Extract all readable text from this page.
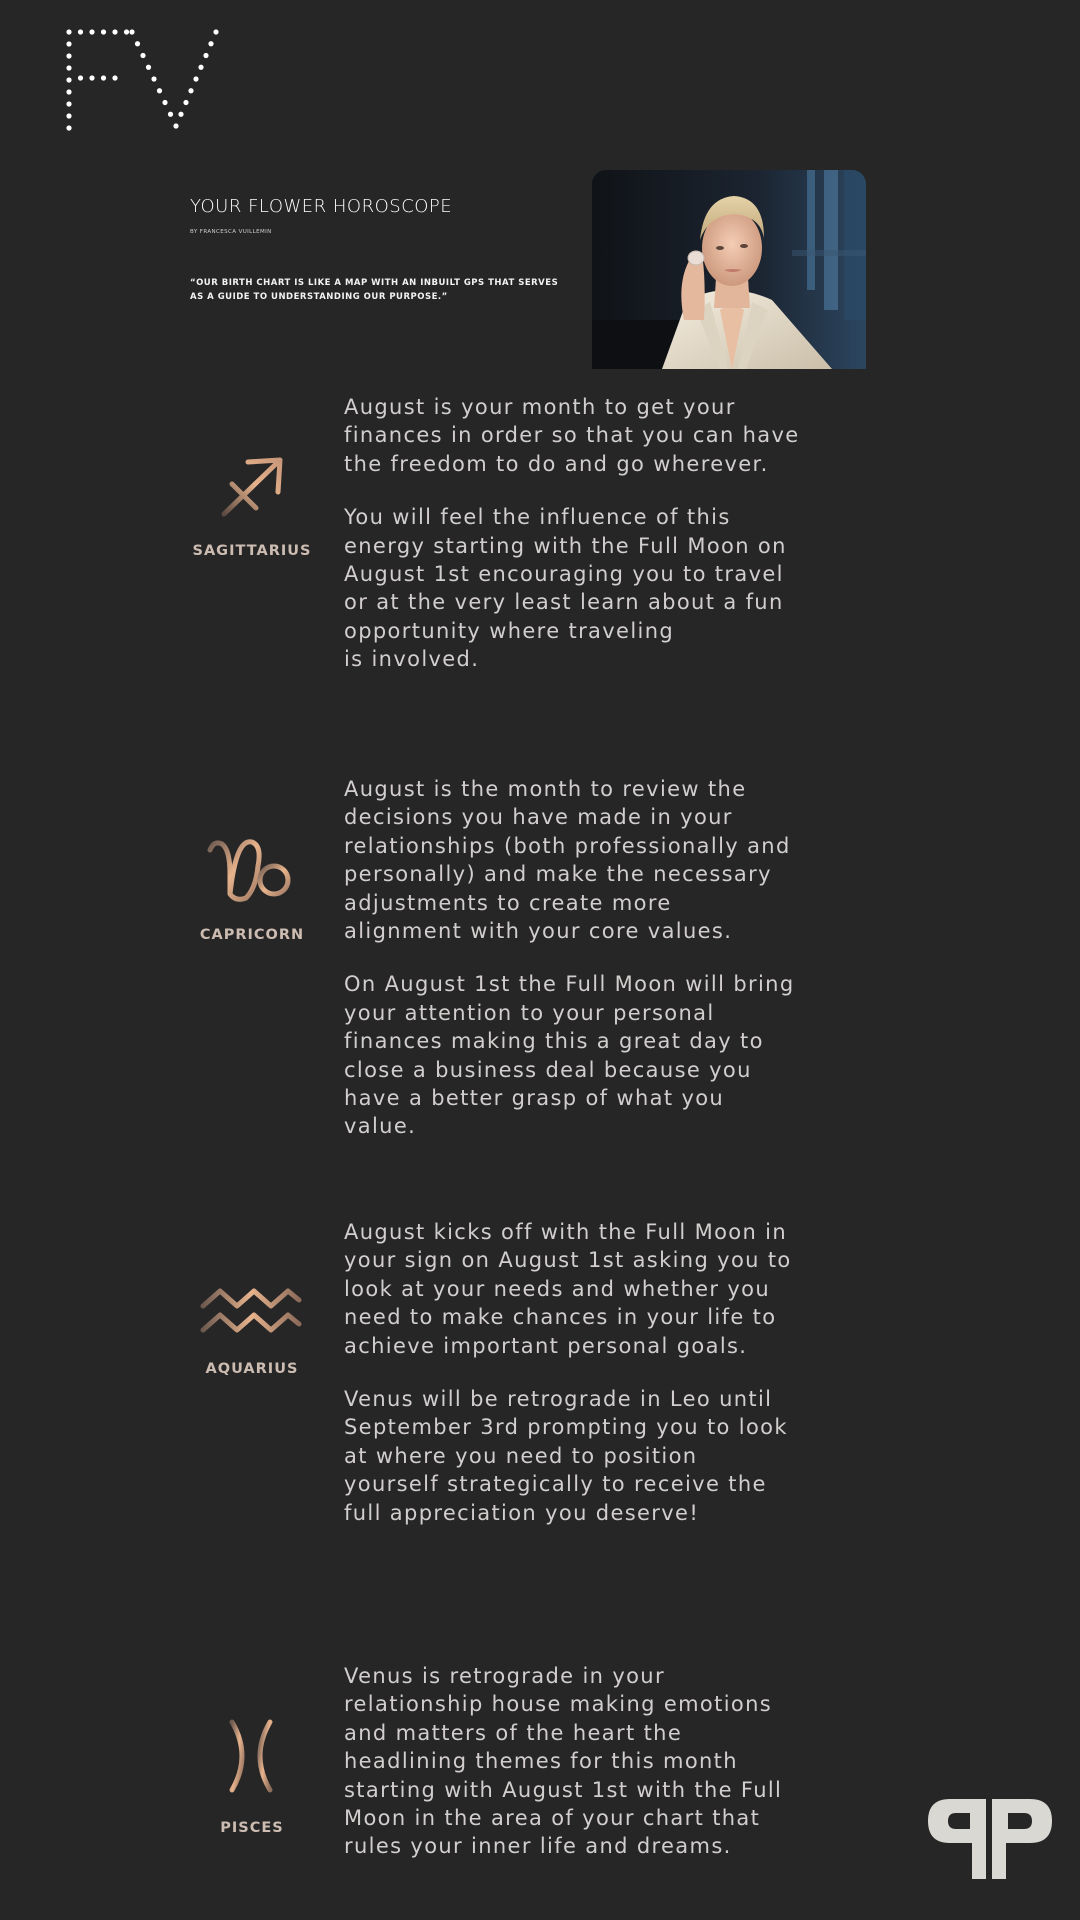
YOUR FLOWER HOROSCOPE
BY FRANCESCA VUILLEMIN
“OUR BIRTH CHART IS LIKE A MAP WITH AN INBUILT GPS THAT SERVES AS A GUIDE TO UNDERSTANDING OUR PURPOSE.”
SAGITTARIUS

August is your month to get your
finances in order so that you can have
the freedom to do and go wherever.

You will feel the influence of this
energy starting with the Full Moon on
August 1st encouraging you to travel
or at the very least learn about a fun
opportunity where traveling
is involved.

CAPRICORN

August is the month to review the
decisions you have made in your
relationships (both professionally and
personally) and make the necessary
adjustments to create more
alignment with your core values.

On August 1st the Full Moon will bring
your attention to your personal
finances making this a great day to
close a business deal because you
have a better grasp of what you
value.

AQUARIUS

August kicks off with the Full Moon in
your sign on August 1st asking you to
look at your needs and whether you
need to make chances in your life to
achieve important personal goals.

Venus will be retrograde in Leo until
September 3rd prompting you to look
at where you need to position
yourself strategically to receive the
full appreciation you deserve!

PISCES

Venus is retrograde in your
relationship house making emotions
and matters of the heart the
headlining themes for this month
starting with August 1st with the Full
Moon in the area of your chart that
rules your inner life and dreams.
